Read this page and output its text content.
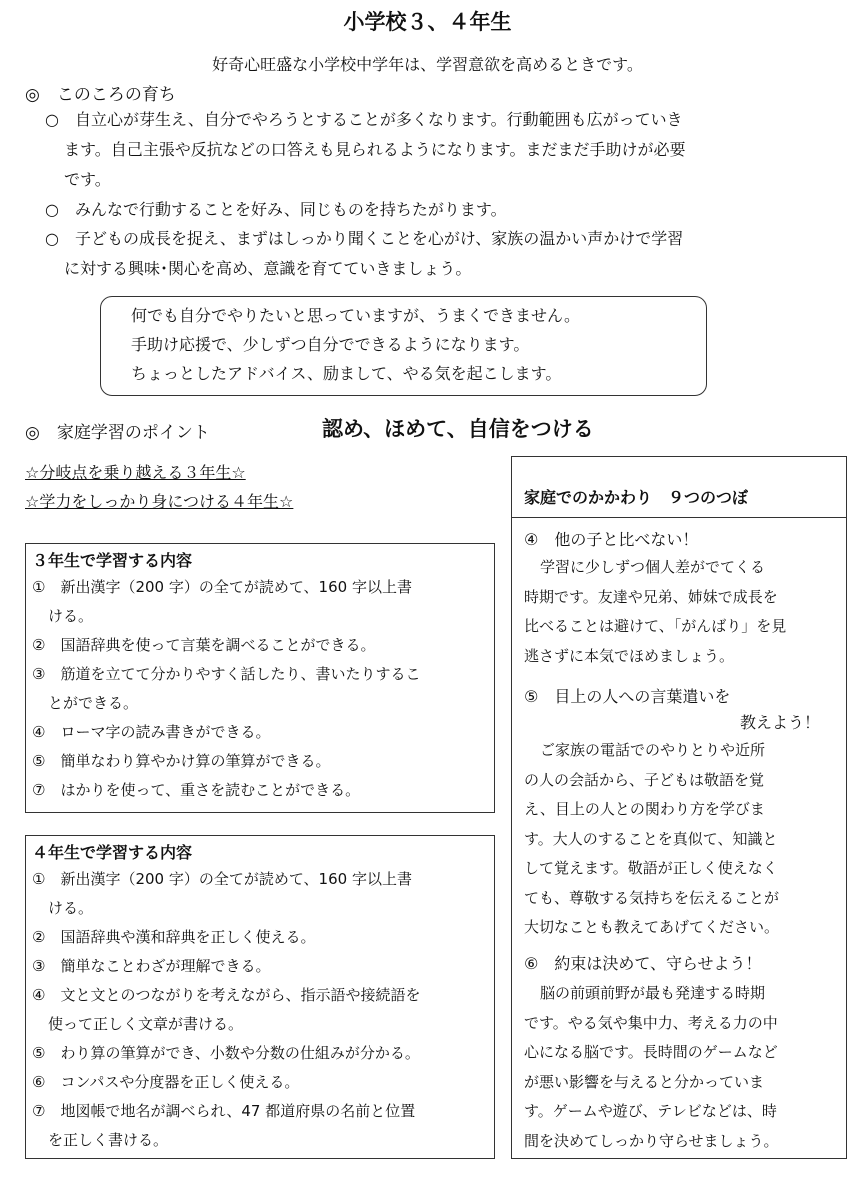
小学校３、４年生
好奇心旺盛な小学校中学年は、学習意欲を高めるときです。
◎　このころの育ち
○　自立心が芽生え、自分でやろうとすることが多くなります。行動範囲も広がっていき
ます。自己主張や反抗などの口答えも見られるようになります。まだまだ手助けが必要
です。
○　みんなで行動することを好み、同じものを持ちたがります。
○　子どもの成長を捉え、まずはしっかり聞くことを心がけ、家族の温かい声かけで学習
に対する興味･関心を高め、意識を育てていきましょう。
何でも自分でやりたいと思っていますが、うまくできません。
手助け応援で、少しずつ自分でできるようになります。
ちょっとしたアドバイス、励まして、やる気を起こします。
◎　家庭学習のポイント	認め、ほめて、自信をつける
☆分岐点を乗り越える３年生☆
☆学力をしっかり身につける４年生☆
３年生で学習する内容
①　新出漢字（200 字）の全てが読めて、160 字以上書
ける。
②　国語辞典を使って言葉を調べることができる。
③　筋道を立てて分かりやすく話したり、書いたりするこ
とができる。
④　ローマ字の読み書きができる。
⑤　簡単なわり算やかけ算の筆算ができる。
⑦　はかりを使って、重さを読むことができる。
４年生で学習する内容
①　新出漢字（200 字）の全てが読めて、160 字以上書
ける。
②　国語辞典や漢和辞典を正しく使える。
③　簡単なことわざが理解できる。
④　文と文とのつながりを考えながら、指示語や接続語を
使って正しく文章が書ける。
⑤　わり算の筆算ができ、小数や分数の仕組みが分かる。
⑥　コンパスや分度器を正しく使える。
⑦　地図帳で地名が調べられ、47 都道府県の名前と位置
を正しく書ける。
家庭でのかかわり　９つのつぼ
④　他の子と比べない！
学習に少しずつ個人差がでてくる
時期です。友達や兄弟、姉妹で成長を
比べることは避けて、「がんばり」を見
逃さずに本気でほめましょう。
⑤　目上の人への言葉遣いを
教えよう！
ご家族の電話でのやりとりや近所
の人の会話から、子どもは敬語を覚
え、目上の人との関わり方を学びま
す。大人のすることを真似て、知識と
して覚えます。敬語が正しく使えなく
ても、尊敬する気持ちを伝えることが
大切なことも教えてあげてください。
⑥　約束は決めて、守らせよう！
脳の前頭前野が最も発達する時期
です。やる気や集中力、考える力の中
心になる脳です。長時間のゲームなど
が悪い影響を与えると分かっていま
す。ゲームや遊び、テレビなどは、時
間を決めてしっかり守らせましょう。
